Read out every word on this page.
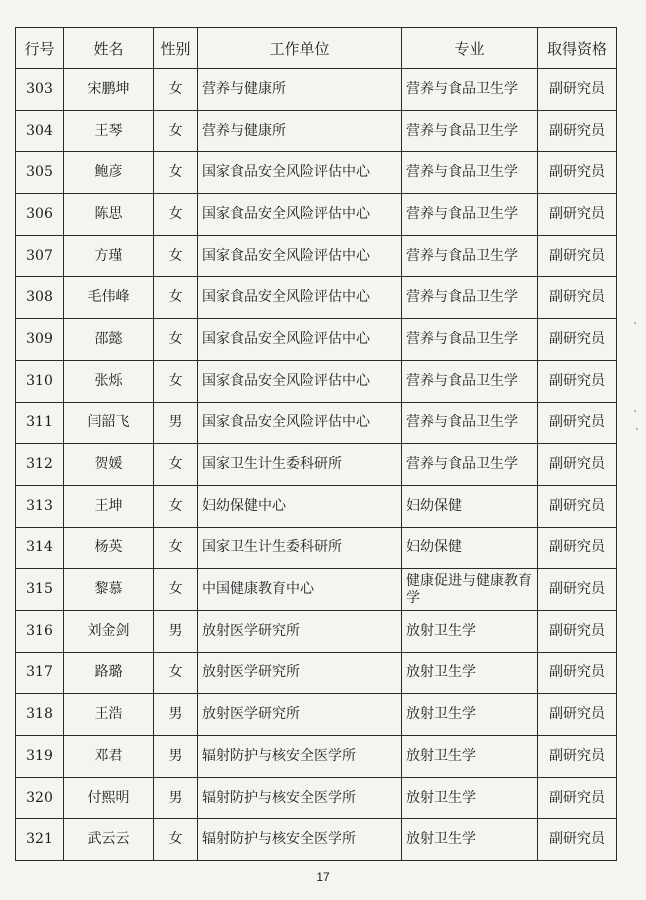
行号	姓名	性别	工作单位	专业	取得资格
303	宋鹏坤	女	营养与健康所	营养与食品卫生学	副研究员
304	王琴	女	营养与健康所	营养与食品卫生学	副研究员
305	鲍彦	女	国家食品安全风险评估中心	营养与食品卫生学	副研究员
306	陈思	女	国家食品安全风险评估中心	营养与食品卫生学	副研究员
307	方瑾	女	国家食品安全风险评估中心	营养与食品卫生学	副研究员
308	毛伟峰	女	国家食品安全风险评估中心	营养与食品卫生学	副研究员
309	邵懿	女	国家食品安全风险评估中心	营养与食品卫生学	副研究员
310	张烁	女	国家食品安全风险评估中心	营养与食品卫生学	副研究员
311	闫韶飞	男	国家食品安全风险评估中心	营养与食品卫生学	副研究员
312	贺媛	女	国家卫生计生委科研所	营养与食品卫生学	副研究员
313	王坤	女	妇幼保健中心	妇幼保健	副研究员
314	杨英	女	国家卫生计生委科研所	妇幼保健	副研究员
315	黎慕	女	中国健康教育中心	健康促进与健康教育学	副研究员
316	刘金剑	男	放射医学研究所	放射卫生学	副研究员
317	路璐	女	放射医学研究所	放射卫生学	副研究员
318	王浩	男	放射医学研究所	放射卫生学	副研究员
319	邓君	男	辐射防护与核安全医学所	放射卫生学	副研究员
320	付熙明	男	辐射防护与核安全医学所	放射卫生学	副研究员
321	武云云	女	辐射防护与核安全医学所	放射卫生学	副研究员
17
